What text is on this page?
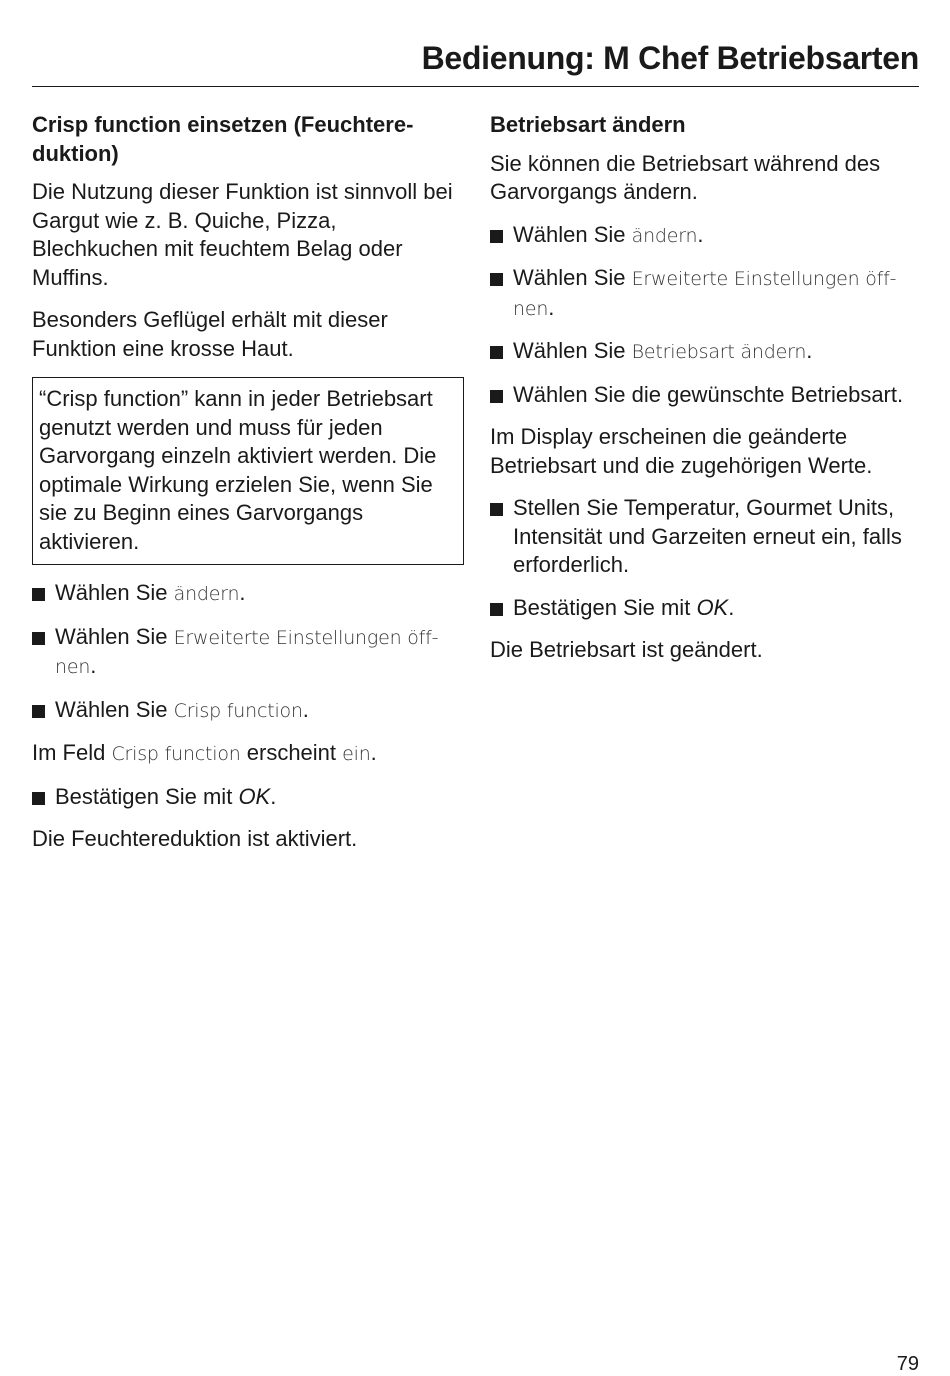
Bedienung: M Chef Betriebsarten
Crisp function einsetzen (Feuchtereduktion)
Die Nutzung dieser Funktion ist sinnvoll bei Gargut wie z. B. Quiche, Pizza, Blechkuchen mit feuchtem Belag oder Muffins.
Besonders Geflügel erhält mit dieser Funktion eine krosse Haut.
“Crisp function” kann in jeder Betriebsart genutzt werden und muss für jeden Garvorgang einzeln aktiviert werden. Die optimale Wirkung erzielen Sie, wenn Sie sie zu Beginn eines Garvorgangs aktivieren.
Wählen Sie ändern.
Wählen Sie Erweiterte Einstellungen öffnen.
Wählen Sie Crisp function.
Im Feld Crisp function erscheint ein.
Bestätigen Sie mit OK.
Die Feuchtereduktion ist aktiviert.
Betriebsart ändern
Sie können die Betriebsart während des Garvorgangs ändern.
Wählen Sie ändern.
Wählen Sie Erweiterte Einstellungen öffnen.
Wählen Sie Betriebsart ändern.
Wählen Sie die gewünschte Betriebsart.
Im Display erscheinen die geänderte Betriebsart und die zugehörigen Werte.
Stellen Sie Temperatur, Gourmet Units, Intensität und Garzeiten erneut ein, falls erforderlich.
Bestätigen Sie mit OK.
Die Betriebsart ist geändert.
79
